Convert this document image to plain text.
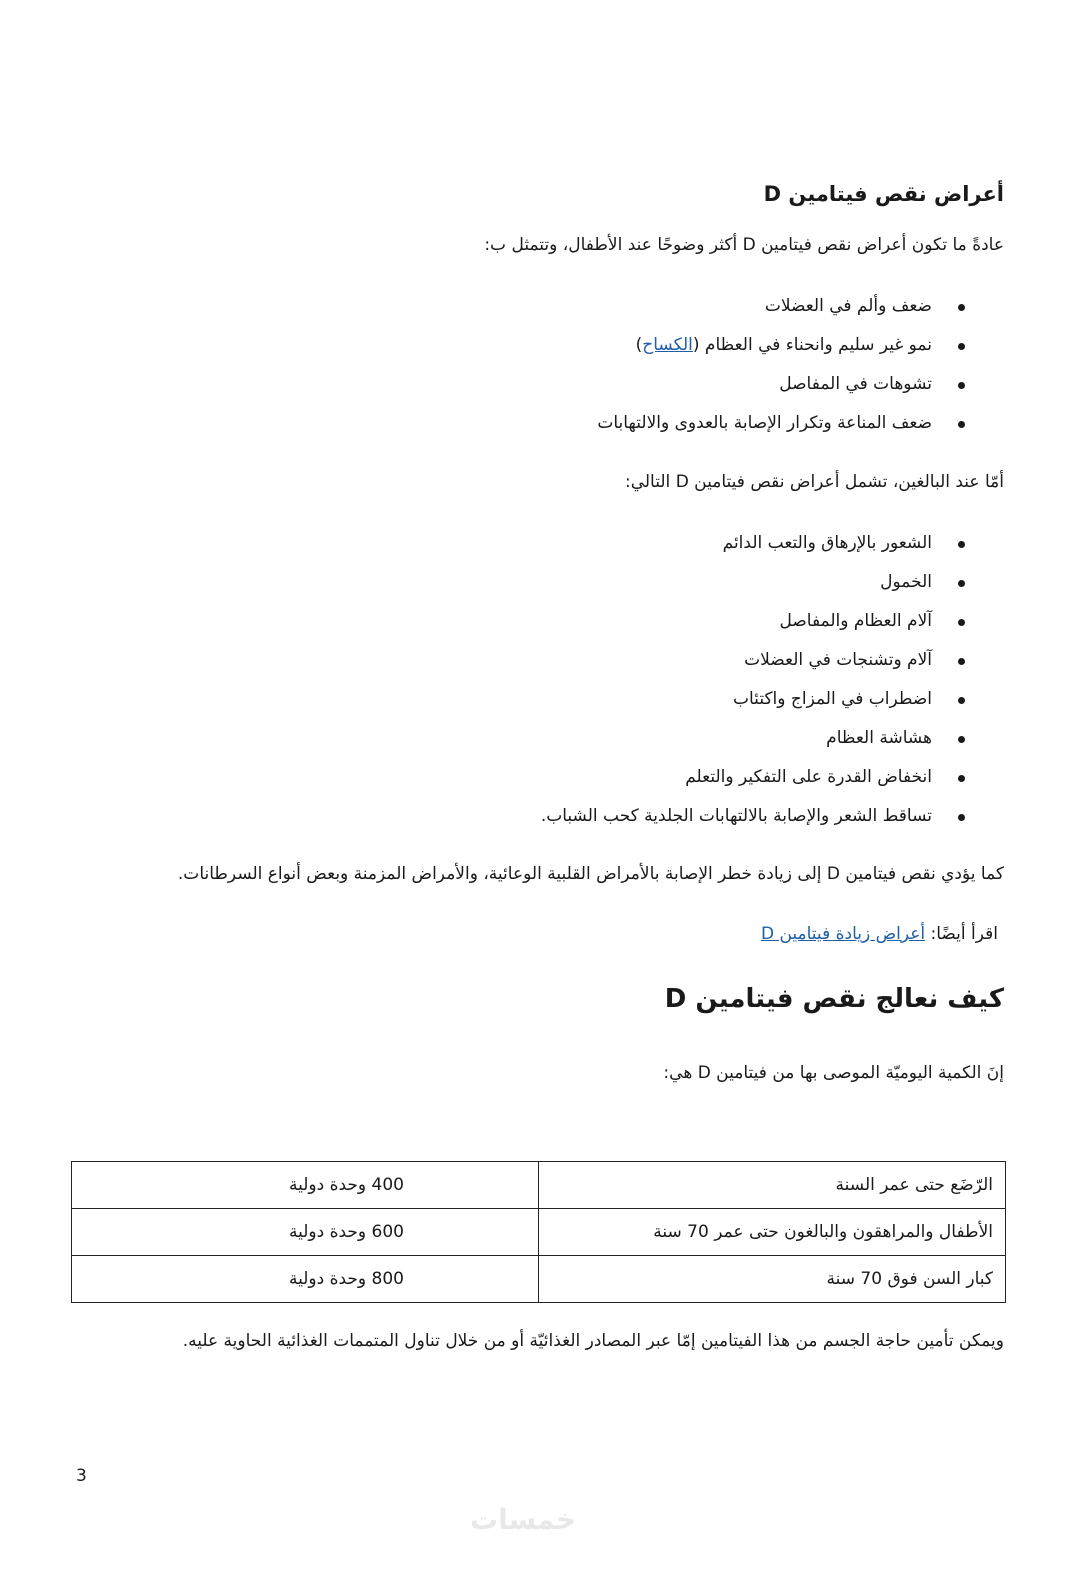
أعراض نقص فيتامين D

عادةً ما تكون أعراض نقص فيتامين D أكثر وضوحًا عند الأطفال، وتتمثل ب:

ضعف وألم في العضلات
نمو غير سليم وانحناء في العظام (الكساح)
تشوهات في المفاصل
ضعف المناعة وتكرار الإصابة بالعدوى والالتهابات

أمّا عند البالغين، تشمل أعراض نقص فيتامين D التالي:

الشعور بالإرهاق والتعب الدائم
الخمول
آلام العظام والمفاصل
آلام وتشنجات في العضلات
اضطراب في المزاج واكتئاب
هشاشة العظام
انخفاض القدرة على التفكير والتعلم
تساقط الشعر والإصابة بالالتهابات الجلدية كحب الشباب.

كما يؤدي نقص فيتامين D إلى زيادة خطر الإصابة بالأمراض القلبية الوعائية، والأمراض المزمنة وبعض أنواع السرطانات.

اقرأ أيضًا: أعراض زيادة فيتامين D

كيف نعالج نقص فيتامين D

إنَ الكمية اليوميّة الموصى بها من فيتامين D هي:

الرّضَع حتى عمر السنة	400 وحدة دولية
الأطفال والمراهقون والبالغون حتى عمر 70 سنة	600 وحدة دولية
كبار السن فوق 70 سنة	800 وحدة دولية

ويمكن تأمين حاجة الجسم من هذا الفيتامين إمّا عبر المصادر الغذائيّة أو من خلال تناول المتممات الغذائية الحاوية عليه.

3
خمسات
